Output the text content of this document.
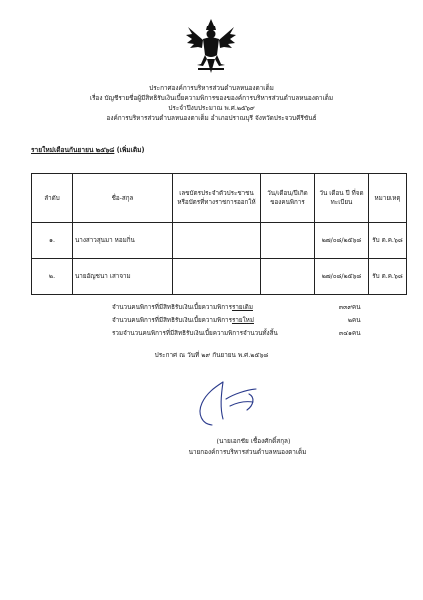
ประกาศองค์การบริหารส่วนตำบลหนองตาเต็ม
เรื่อง บัญชีรายชื่อผู้มีสิทธิรับเงินเบี้ยความพิการของของค์การบริหารส่วนตำบลหนองตาเต็ม
ประจำปีงบประมาณ พ.ศ.๒๕๖๙
องค์การบริหารส่วนตำบลหนองตาเต็ม อำเภอปราณบุรี จังหวัดประจวบคีรีขันธ์
รายใหม่เดือนกันยายน ๒๕๖๘ (เพิ่มเติม)
ลำดับ	ชื่อ-สกุล	เลขบัตรประจำตัวประชาชนหรือบัตรที่ทางราชการออกให้	วัน/เดือน/ปีเกิดของคนพิการ	วัน เดือน ปี ที่จดทะเบียน	หมายเหตุ
๑.	นางสาวสุนมา หอมกิ่น			๒๗/๐๘/๒๕๖๘	รับ ต.ค.๖๘
๒.	นายอัญชนา เสาจาม			๒๗/๐๘/๒๕๖๘	รับ ต.ค.๖๘
จำนวนคนพิการที่มีสิทธิรับเงินเบี้ยความพิการรายเดิม	๓๓๙ คน
จำนวนคนพิการที่มีสิทธิรับเงินเบี้ยความพิการรายใหม่	๒ คน
รวมจำนวนคนพิการที่มีสิทธิรับเงินเบี้ยความพิการจำนวนทั้งสิ้น	๓๔๑ คน
ประกาศ ณ วันที่ ๒๙ กันยายน พ.ศ.๒๕๖๘
(นายเอกชัย เชื้องศักดิ์สกุล)
นายกองค์การบริหารส่วนตำบลหนองตาเต็ม
